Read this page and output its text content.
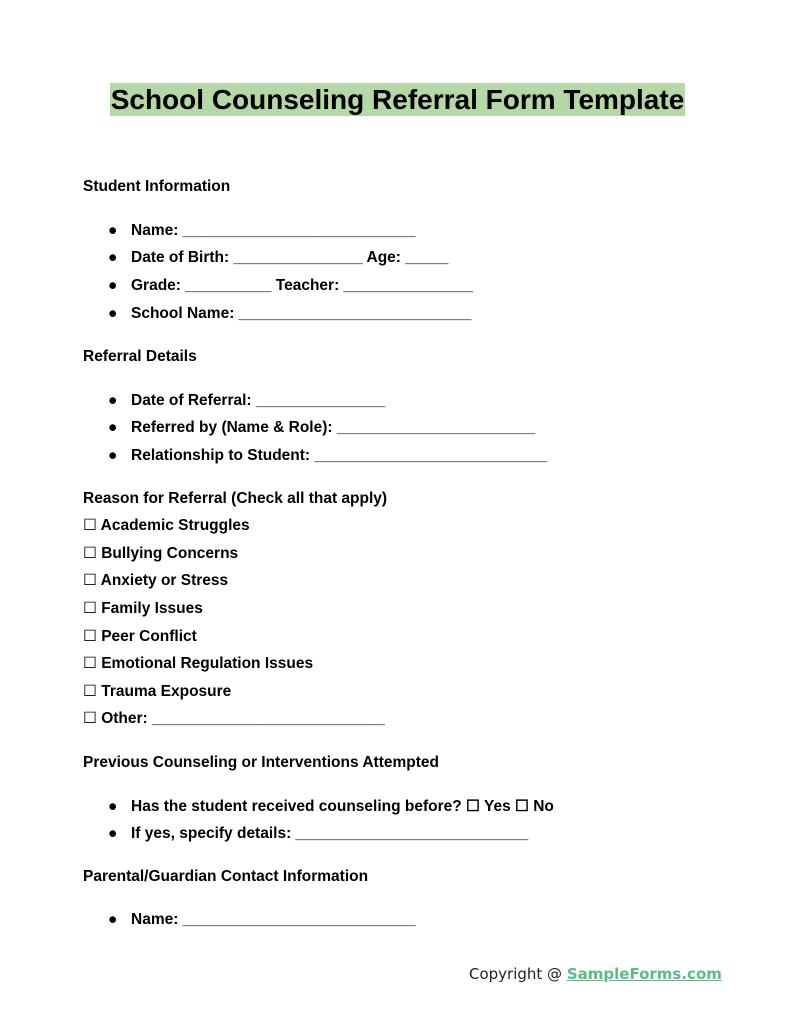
School Counseling Referral Form Template
Student Information
● Name: ___________________________
● Date of Birth: _______________ Age: _____
● Grade: __________ Teacher: _______________
● School Name: ___________________________
Referral Details
● Date of Referral: _______________
● Referred by (Name & Role): _______________________
● Relationship to Student: ___________________________
Reason for Referral (Check all that apply)
☐ Academic Struggles
☐ Bullying Concerns
☐ Anxiety or Stress
☐ Family Issues
☐ Peer Conflict
☐ Emotional Regulation Issues
☐ Trauma Exposure
☐ Other: ___________________________
Previous Counseling or Interventions Attempted
● Has the student received counseling before? ☐ Yes ☐ No
● If yes, specify details: ___________________________
Parental/Guardian Contact Information
● Name: ___________________________
Copyright @ SampleForms.com
